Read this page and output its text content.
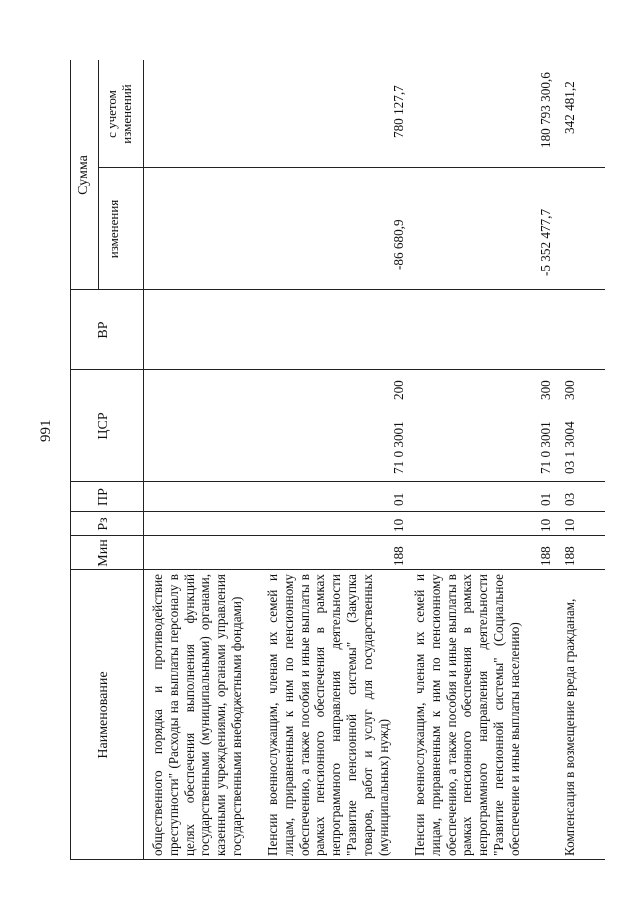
991
Наименование
Мин
Рз
ПР
ЦСР
ВР
Сумма
изменения
с учетом изменений
общественного порядка и противодействие преступности" (Расходы на выплаты персоналу в целях обеспечения выполнения функций государственными (муниципальными) органами, казенными учреждениями, органами управления государственными внебюджетными фондами) Пенсии военнослужащим, членам их семей и лицам, приравненным к ним по пенсионному обеспечению, а также пособия и иные выплаты в рамках пенсионного обеспечения в рамках непрограммного направления деятельности "Развитие пенсионной системы" (Закупка товаров, работ и услуг для государственных (муниципальных) нужд)
188
10
01
71 0 3001
200
-86 680,9
780 127,7
Пенсии военнослужащим, членам их семей и лицам, приравненным к ним по пенсионному обеспечению, а также пособия и иные выплаты в рамках пенсионного обеспечения в рамках непрограммного направления деятельности "Развитие пенсионной системы" (Социальное обеспечение и иные выплаты населению)
188
10
01
71 0 3001
300
-5 352 477,7
180 793 300,6
Компенсация в возмещение вреда гражданам,
188
10
03
03 1 3004
300
342 481,2
